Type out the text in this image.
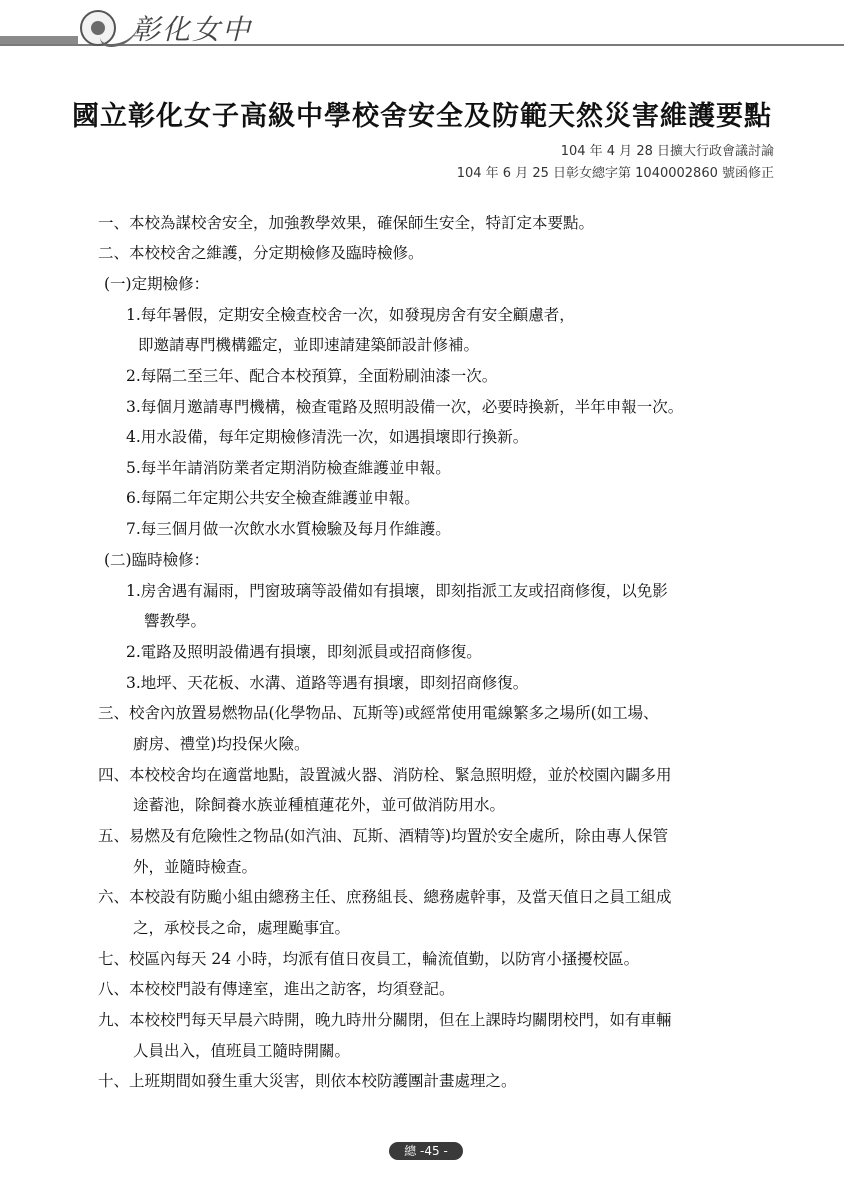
彰化女中
國立彰化女子高級中學校舍安全及防範天然災害維護要點
104 年 4 月 28 日擴大行政會議討論
104 年 6 月 25 日彰女總字第 1040002860 號函修正
一、本校為謀校舍安全，加強教學效果，確保師生安全，特訂定本要點。
二、本校校舍之維護，分定期檢修及臨時檢修。
(一)定期檢修：
1.每年暑假，定期安全檢查校舍一次，如發現房舍有安全顧慮者，
即邀請專門機構鑑定，並即速請建築師設計修補。
2.每隔二至三年、配合本校預算，全面粉刷油漆一次。
3.每個月邀請專門機構，檢查電路及照明設備一次，必要時換新，半年申報一次。
4.用水設備，每年定期檢修清洗一次，如遇損壞即行換新。
5.每半年請消防業者定期消防檢查維護並申報。
6.每隔二年定期公共安全檢查維護並申報。
7.每三個月做一次飲水水質檢驗及每月作維護。
(二)臨時檢修：
1.房舍遇有漏雨，門窗玻璃等設備如有損壞，即刻指派工友或招商修復，以免影
響教學。
2.電路及照明設備遇有損壞，即刻派員或招商修復。
3.地坪、天花板、水溝、道路等遇有損壞，即刻招商修復。
三、校舍內放置易燃物品(化學物品、瓦斯等)或經常使用電線繁多之場所(如工場、
廚房、禮堂)均投保火險。
四、本校校舍均在適當地點，設置滅火器、消防栓、緊急照明燈，並於校園內闢多用
途蓄池，除飼養水族並種植蓮花外，並可做消防用水。
五、易燃及有危險性之物品(如汽油、瓦斯、酒精等)均置於安全處所，除由專人保管
外，並隨時檢查。
六、本校設有防颱小組由總務主任、庶務組長、總務處幹事，及當天值日之員工組成
之，承校長之命，處理颱事宜。
七、校區內每天 24 小時，均派有值日夜員工，輪流值勤，以防宵小搔擾校區。
八、本校校門設有傳達室，進出之訪客，均須登記。
九、本校校門每天早晨六時開，晚九時卅分關閉，但在上課時均關閉校門，如有車輛
人員出入，值班員工隨時開關。
十、上班期間如發生重大災害，則依本校防護團計畫處理之。
總 -45 -
